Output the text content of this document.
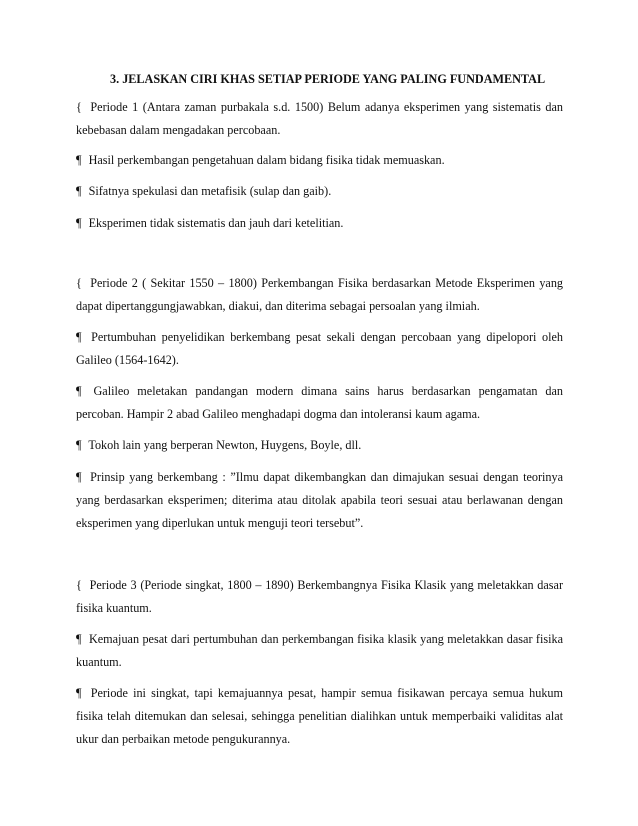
3. JELASKAN CIRI KHAS SETIAP PERIODE YANG PALING FUNDAMENTAL
{ Periode 1 (Antara zaman purbakala s.d. 1500) Belum adanya eksperimen yang sistematis dan kebebasan dalam mengadakan percobaan.
¶ Hasil perkembangan pengetahuan dalam bidang fisika tidak memuaskan.
¶ Sifatnya spekulasi dan metafisik (sulap dan gaib).
¶ Eksperimen tidak sistematis dan jauh dari ketelitian.
{ Periode 2 ( Sekitar 1550 – 1800) Perkembangan Fisika berdasarkan Metode Eksperimen yang dapat dipertanggungjawabkan, diakui, dan diterima sebagai persoalan yang ilmiah.
¶ Pertumbuhan penyelidikan berkembang pesat sekali dengan percobaan yang dipelopori oleh Galileo (1564-1642).
¶ Galileo meletakan pandangan modern dimana sains harus berdasarkan pengamatan dan percoban. Hampir 2 abad Galileo menghadapi dogma dan intoleransi kaum agama.
¶ Tokoh lain yang berperan Newton, Huygens, Boyle, dll.
¶ Prinsip yang berkembang : ”Ilmu dapat dikembangkan dan dimajukan sesuai dengan teorinya yang berdasarkan eksperimen; diterima atau ditolak apabila teori sesuai atau berlawanan dengan eksperimen yang diperlukan untuk menguji teori tersebut”.
{ Periode 3 (Periode singkat, 1800 – 1890) Berkembangnya Fisika Klasik yang meletakkan dasar fisika kuantum.
¶ Kemajuan pesat dari pertumbuhan dan perkembangan fisika klasik yang meletakkan dasar fisika kuantum.
¶ Periode ini singkat, tapi kemajuannya pesat, hampir semua fisikawan percaya semua hukum fisika telah ditemukan dan selesai, sehingga penelitian dialihkan untuk memperbaiki validitas alat ukur dan perbaikan metode pengukurannya.
